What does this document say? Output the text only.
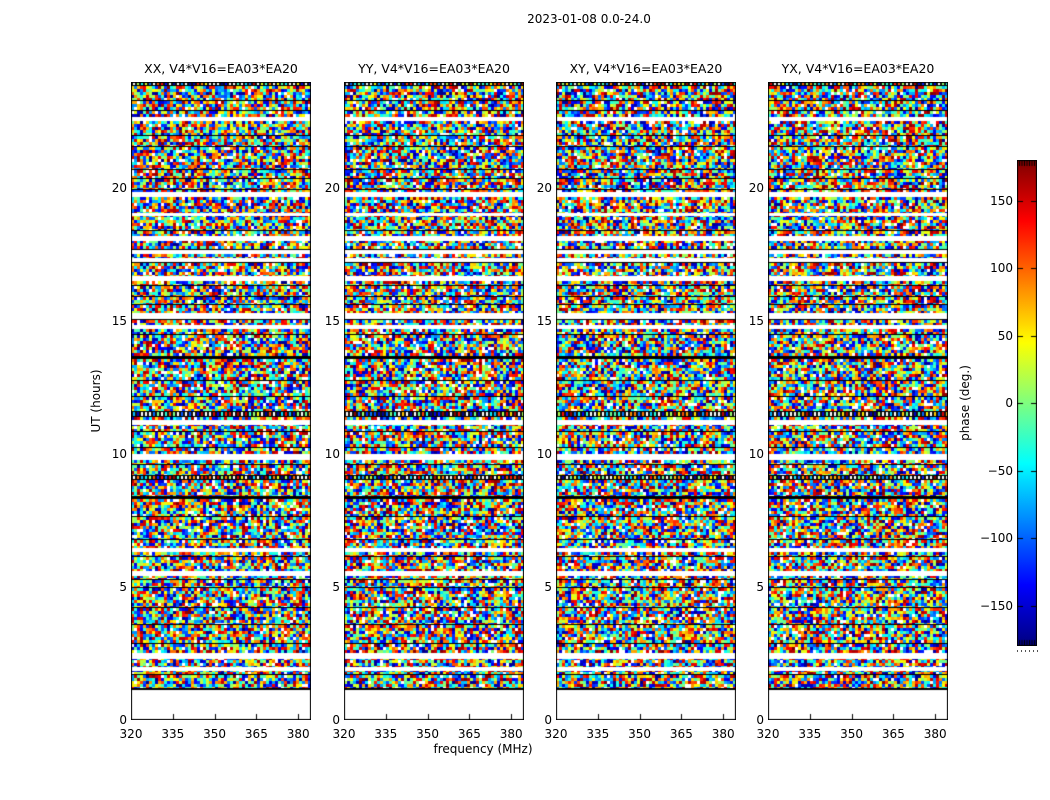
2023-01-08 0.0-24.0
XX, V4*V16=EA03*EA20
0
5
10
15
20
320	335	350	365	380
YY, V4*V16=EA03*EA20
0
5
10
15
20
320	335	350	365	380
XY, V4*V16=EA03*EA20
0
5
10
15
20
320	335	350	365	380
YX, V4*V16=EA03*EA20
0
5
10
15
20
320	335	350	365	380
UT (hours)
frequency (MHz)
phase (deg.)
150
100
50
0
−50
−100
−150
